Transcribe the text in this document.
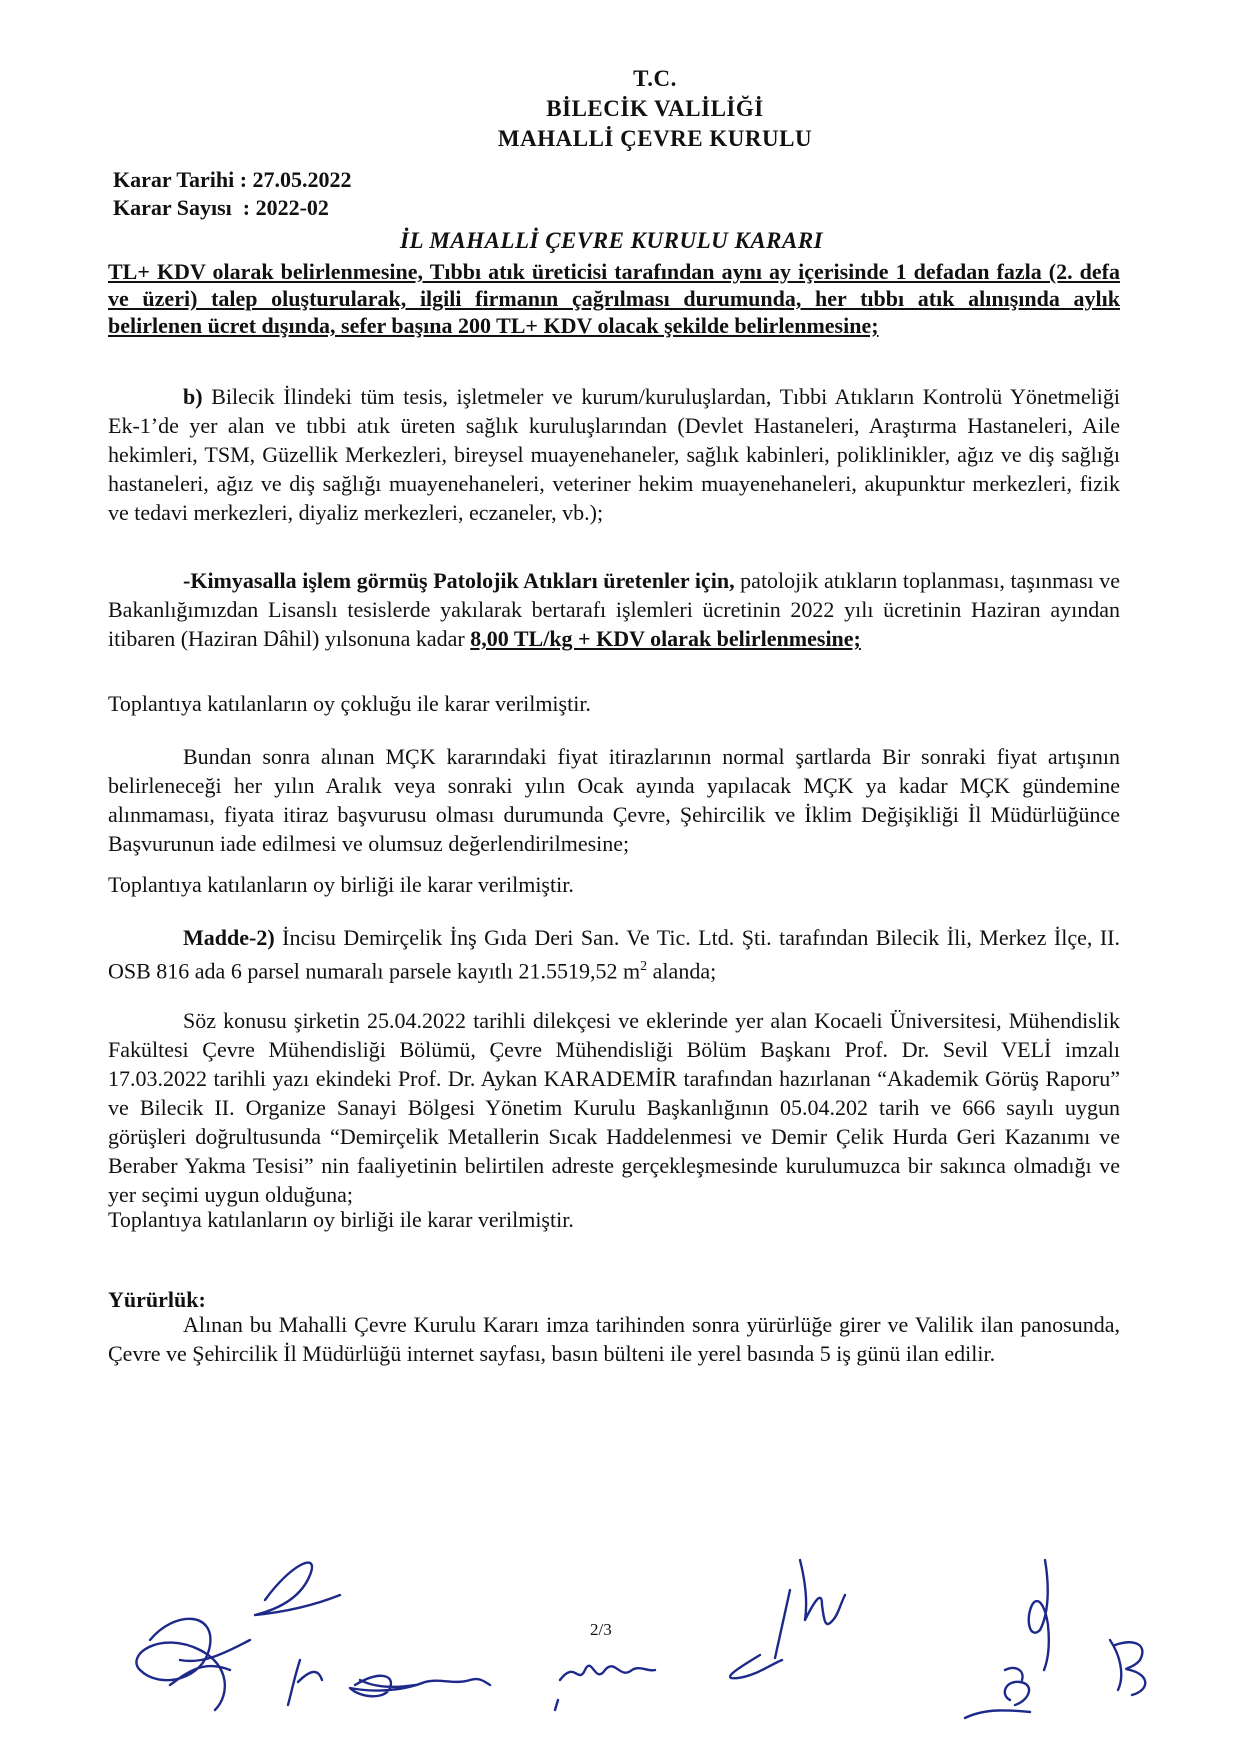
T.C.
BİLECİK VALİLİĞİ
MAHALLİ ÇEVRE KURULU
Karar Tarihi : 27.05.2022
Karar Sayısı  : 2022-02
İL MAHALLİ ÇEVRE KURULU KARARI
TL+ KDV olarak belirlenmesine, Tıbbı atık üreticisi tarafından aynı ay içerisinde 1 defadan fazla (2. defa ve üzeri) talep oluşturularak, ilgili firmanın çağrılması durumunda, her tıbbı atık alınışında aylık belirlenen ücret dışında, sefer başına 200 TL+ KDV olacak şekilde belirlenmesine;
b) Bilecik İlindeki tüm tesis, işletmeler ve kurum/kuruluşlardan, Tıbbi Atıkların Kontrolü Yönetmeliği Ek-1’de yer alan ve tıbbi atık üreten sağlık kuruluşlarından (Devlet Hastaneleri, Araştırma Hastaneleri, Aile hekimleri, TSM, Güzellik Merkezleri, bireysel muayenehaneler, sağlık kabinleri, poliklinikler, ağız ve diş sağlığı hastaneleri, ağız ve diş sağlığı muayenehaneleri, veteriner hekim muayenehaneleri, akupunktur merkezleri, fizik ve tedavi merkezleri, diyaliz merkezleri, eczaneler, vb.);
-Kimyasalla işlem görmüş Patolojik Atıkları üretenler için, patolojik atıkların toplanması, taşınması ve Bakanlığımızdan Lisanslı tesislerde yakılarak bertarafı işlemleri ücretinin 2022 yılı ücretinin Haziran ayından itibaren (Haziran Dâhil) yılsonuna kadar 8,00 TL/kg + KDV olarak belirlenmesine;
Toplantıya katılanların oy çokluğu ile karar verilmiştir.
Bundan sonra alınan MÇK kararındaki fiyat itirazlarının normal şartlarda Bir sonraki fiyat artışının belirleneceği her yılın Aralık veya sonraki yılın Ocak ayında yapılacak MÇK ya kadar MÇK gündemine alınmaması, fiyata itiraz başvurusu olması durumunda Çevre, Şehircilik ve İklim Değişikliği İl Müdürlüğünce Başvurunun iade edilmesi ve olumsuz değerlendirilmesine;
Toplantıya katılanların oy birliği ile karar verilmiştir.
Madde-2) İncisu Demirçelik İnş Gıda Deri San. Ve Tic. Ltd. Şti. tarafından Bilecik İli, Merkez İlçe, II. OSB 816 ada 6 parsel numaralı parsele kayıtlı 21.5519,52 $m^2$ alanda;
Söz konusu şirketin 25.04.2022 tarihli dilekçesi ve eklerinde yer alan Kocaeli Üniversitesi, Mühendislik Fakültesi Çevre Mühendisliği Bölümü, Çevre Mühendisliği Bölüm Başkanı Prof. Dr. Sevil VELİ imzalı 17.03.2022 tarihli yazı ekindeki Prof. Dr. Aykan KARADEMİR tarafından hazırlanan “Akademik Görüş Raporu” ve Bilecik II. Organize Sanayi Bölgesi Yönetim Kurulu Başkanlığının 05.04.202 tarih ve 666 sayılı uygun görüşleri doğrultusunda “Demirçelik Metallerin Sıcak Haddelenmesi ve Demir Çelik Hurda Geri Kazanımı ve Beraber Yakma Tesisi” nin faaliyetinin belirtilen adreste gerçekleşmesinde kurulumuzca bir sakınca olmadığı ve yer seçimi uygun olduğuna;
Toplantıya katılanların oy birliği ile karar verilmiştir.
Yürürlük:
Alınan bu Mahalli Çevre Kurulu Kararı imza tarihinden sonra yürürlüğe girer ve Valilik ilan panosunda, Çevre ve Şehircilik İl Müdürlüğü internet sayfası, basın bülteni ile yerel basında 5 iş günü ilan edilir.
2/3
